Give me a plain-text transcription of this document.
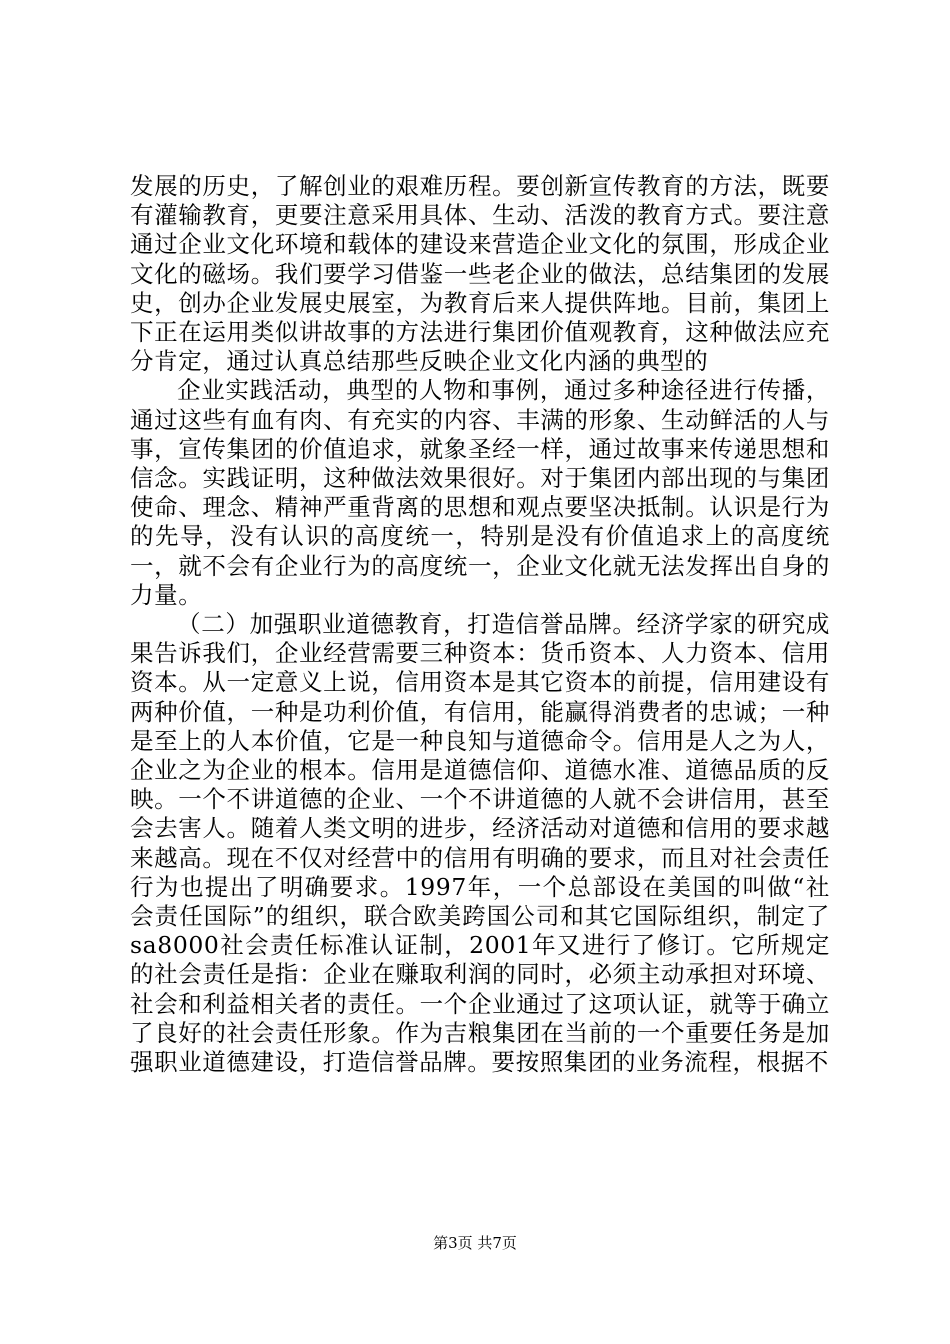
发展的历史，了解创业的艰难历程。要创新宣传教育的方法，既要有灌输教育，更要注意采用具体、生动、活泼的教育方式。要注意通过企业文化环境和载体的建设来营造企业文化的氛围，形成企业文化的磁场。我们要学习借鉴一些老企业的做法，总结集团的发展史，创办企业发展史展室，为教育后来人提供阵地。目前，集团上下正在运用类似讲故事的方法进行集团价值观教育，这种做法应充分肯定，通过认真总结那些反映企业文化内涵的典型的

企业实践活动，典型的人物和事例，通过多种途径进行传播，通过这些有血有肉、有充实的内容、丰满的形象、生动鲜活的人与事，宣传集团的价值追求，就象圣经一样，通过故事来传递思想和信念。实践证明，这种做法效果很好。对于集团内部出现的与集团使命、理念、精神严重背离的思想和观点要坚决抵制。认识是行为的先导，没有认识的高度统一，特别是没有价值追求上的高度统一，就不会有企业行为的高度统一，企业文化就无法发挥出自身的力量。

（二）加强职业道德教育，打造信誉品牌。经济学家的研究成果告诉我们，企业经营需要三种资本：货币资本、人力资本、信用资本。从一定意义上说，信用资本是其它资本的前提，信用建设有两种价值，一种是功利价值，有信用，能赢得消费者的忠诚；一种是至上的人本价值，它是一种良知与道德命令。信用是人之为人，企业之为企业的根本。信用是道德信仰、道德水准、道德品质的反映。一个不讲道德的企业、一个不讲道德的人就不会讲信用，甚至会去害人。随着人类文明的进步，经济活动对道德和信用的要求越来越高。现在不仅对经营中的信用有明确的要求，而且对社会责任行为也提出了明确要求。1997年，一个总部设在美国的叫做“社会责任国际”的组织，联合欧美跨国公司和其它国际组织，制定了sa8000社会责任标准认证制，2001年又进行了修订。它所规定的社会责任是指：企业在赚取利润的同时，必须主动承担对环境、社会和利益相关者的责任。一个企业通过了这项认证，就等于确立了良好的社会责任形象。作为吉粮集团在当前的一个重要任务是加强职业道德建设，打造信誉品牌。要按照集团的业务流程，根据不

第3页 共7页
